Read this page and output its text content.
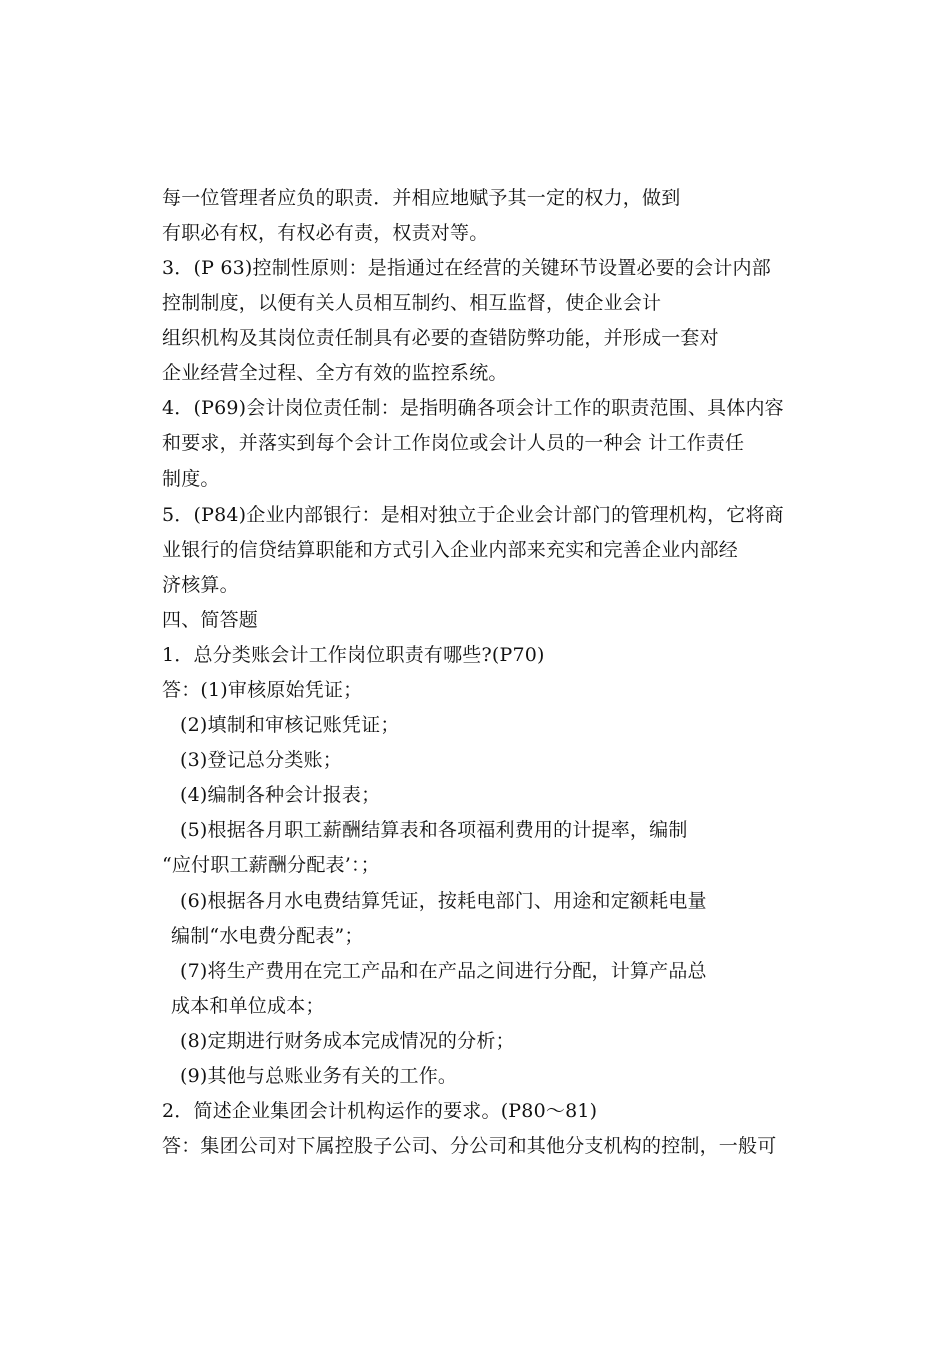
每一位管理者应负的职责．并相应地赋予其一定的权力，做到
有职必有权，有权必有责，权责对等。
3．(P 63)控制性原则：是指通过在经营的关键环节设置必要的会计内部
控制制度，以便有关人员相互制约、相互监督，使企业会计
组织机构及其岗位责任制具有必要的查错防弊功能，并形成一套对
企业经营全过程、全方有效的监控系统。
4．(P69)会计岗位责任制：是指明确各项会计工作的职责范围、具体内容
和要求，并落实到每个会计工作岗位或会计人员的一种会 计工作责任
制度。
5．(P84)企业内部银行：是相对独立于企业会计部门的管理机构，它将商
业银行的信贷结算职能和方式引入企业内部来充实和完善企业内部经
济核算。
四、简答题
1．总分类账会计工作岗位职责有哪些?(P70)
答：(1)审核原始凭证；
(2)填制和审核记账凭证；
(3)登记总分类账；
(4)编制各种会计报表；
(5)根据各月职工薪酬结算表和各项福利费用的计提率，编制
“应付职工薪酬分配表’：；
(6)根据各月水电费结算凭证，按耗电部门、用途和定额耗电量
编制“水电费分配表”；
(7)将生产费用在完工产品和在产品之间进行分配，计算产品总
成本和单位成本；
(8)定期进行财务成本完成情况的分析；
(9)其他与总账业务有关的工作。
2．简述企业集团会计机构运作的要求。(P80～81)
答：集团公司对下属控股子公司、分公司和其他分支机构的控制，一般可
